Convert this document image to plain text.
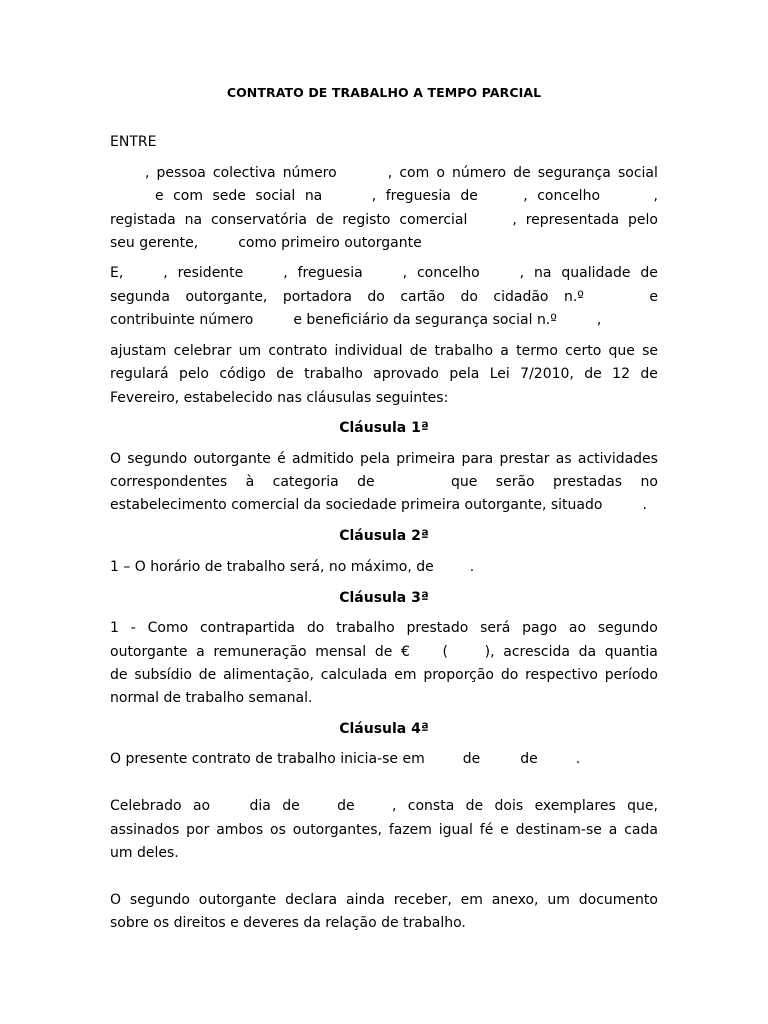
CONTRATO DE TRABALHO A TEMPO PARCIAL
ENTRE
, pessoa colectiva número	, com o número de segurança social
e com sede social na	, freguesia de	, concelho	,
registada na conservatória de registo comercial	, representada pelo
seu gerente,	como primeiro outorgante
E,	, residente	, freguesia	, concelho	, na qualidade de
segunda outorgante, portadora do cartão do cidadão n.º	e
contribuinte número	e beneficiário da segurança social n.º	,
ajustam celebrar um contrato individual de trabalho a termo certo que se
regulará pelo código de trabalho aprovado pela Lei 7/2010, de 12 de
Fevereiro, estabelecido nas cláusulas seguintes:
Cláusula 1ª
O segundo outorgante é admitido pela primeira para prestar as actividades
correspondentes à categoria de	que serão prestadas no
estabelecimento comercial da sociedade primeira outorgante, situado	.
Cláusula 2ª
1 – O horário de trabalho será, no máximo, de	.
Cláusula 3ª
1 - Como contrapartida do trabalho prestado será pago ao segundo
outorgante a remuneração mensal de € (	), acrescida da quantia
de subsídio de alimentação, calculada em proporção do respectivo período
normal de trabalho semanal.
Cláusula 4ª
O presente contrato de trabalho inicia-se em	de	de	.
Celebrado ao	dia de	de	, consta de dois exemplares que,
assinados por ambos os outorgantes, fazem igual fé e destinam-se a cada
um deles.
O segundo outorgante declara ainda receber, em anexo, um documento
sobre os direitos e deveres da relação de trabalho.
